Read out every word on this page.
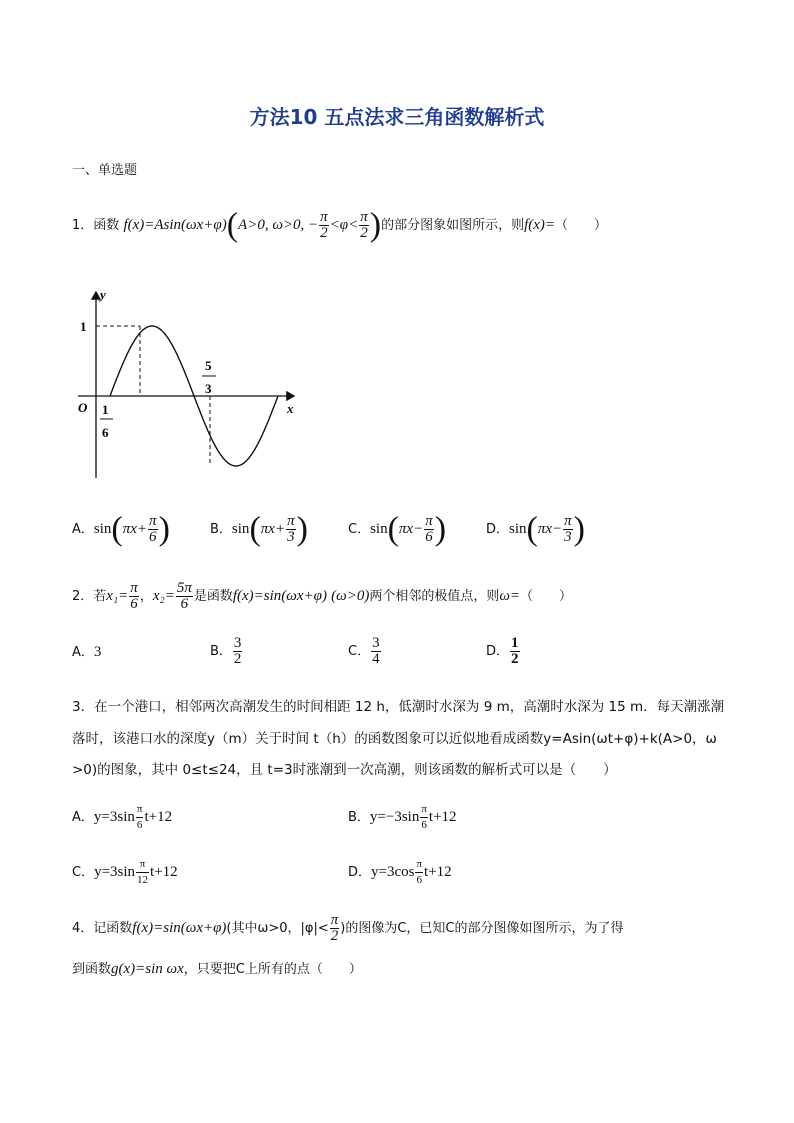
方法10 五点法求三角函数解析式
一、单选题
1．函数 f(x)=Asin(ωx+φ)(A>0, ω>0, − $\frac{\pi}{2} <\varphi< \frac{\pi}{2}$ )的部分图象如图所示，则f(x)=（　　）
y
x
O
1
1
6
5
3
A．$\sin(\pi x+ \frac{\pi}{6}$ )	B．$\sin(\pi x+ \frac{\pi}{3}$ )	C．$\sin(\pi x- \frac{\pi}{6}$ )	D．$\sin(\pi x- \frac{\pi}{3}$ )
2．若$x_1= \frac{\pi}{6}$ ，$x_2= \frac{5\pi}{6}$ 是函数f(x)=sin(ωx+φ) (ω>0)两个相邻的极值点，则ω=（　　）
A．3	B． $\frac{3}{2}$	C． $\frac{3}{4}$	D． $\frac{1}{2}$
3．在一个港口，相邻两次高潮发生的时间相距 12 h，低潮时水深为 9 m，高潮时水深为 15 m．每天潮涨潮
落时，该港口水的深度y（m）关于时间 t（h）的函数图象可以近似地看成函数y=Asin(ωt+φ)+k(A>0，ω
>0)的图象，其中 0≤t≤24，且 t=3时涨潮到一次高潮，则该函数的解析式可以是（　　）
A．$y=3\sin \frac{\pi}{6} t+12$	B．$y=-3\sin \frac{\pi}{6} t+12$
C．$y=3\sin \frac{\pi}{12} t+12$	D．$y=3\cos \frac{\pi}{6} t+12$
4．记函数f(x)=sin(ωx+φ)(其中ω>0，$|\varphi|< \frac{\pi}{2}$ )的图像为C，已知C的部分图像如图所示，为了得
到函数g(x)=sin ωx，只要把C上所有的点（　　）
